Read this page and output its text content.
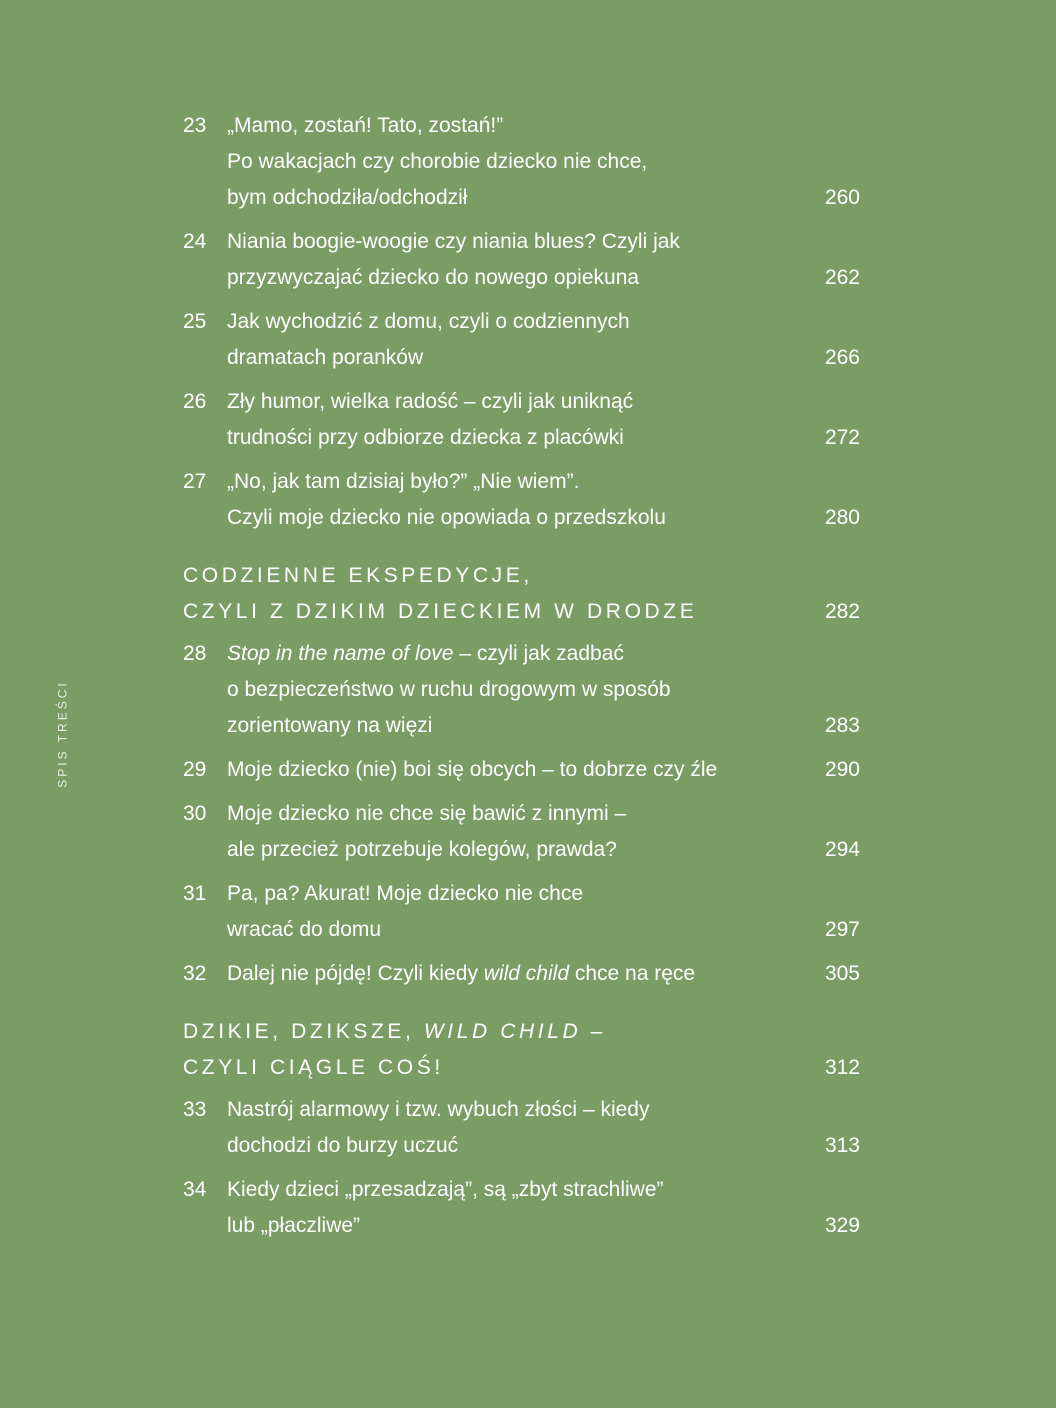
SPIS TREŚCI
23 „Mamo, zostań! Tato, zostań!”
Po wakacjach czy chorobie dziecko nie chce,
bym odchodziła/odchodził	260
24 Niania boogie-woogie czy niania blues? Czyli jak
przyzwyczajać dziecko do nowego opiekuna	262
25 Jak wychodzić z domu, czyli o codziennych
dramatach poranków	266
26 Zły humor, wielka radość – czyli jak uniknąć
trudności przy odbiorze dziecka z placówki	272
27 „No, jak tam dzisiaj było?” „Nie wiem”.
Czyli moje dziecko nie opowiada o przedszkolu	280
CODZIENNE EKSPEDYCJE,
CZYLI Z DZIKIM DZIECKIEM W DRODZE	282
28 Stop in the name of love – czyli jak zadbać
o bezpieczeństwo w ruchu drogowym w sposób
zorientowany na więzi	283
29 Moje dziecko (nie) boi się obcych – to dobrze czy źle	290
30 Moje dziecko nie chce się bawić z innymi –
ale przecież potrzebuje kolegów, prawda?	294
31 Pa, pa? Akurat! Moje dziecko nie chce
wracać do domu	297
32 Dalej nie pójdę! Czyli kiedy wild child chce na ręce	305
DZIKIE, DZIKSZE, WILD CHILD –
CZYLI CIĄGLE COŚ!	312
33 Nastrój alarmowy i tzw. wybuch złości – kiedy
dochodzi do burzy uczuć	313
34 Kiedy dzieci „przesadzają”, są „zbyt strachliwe”
lub „płaczliwe”	329
